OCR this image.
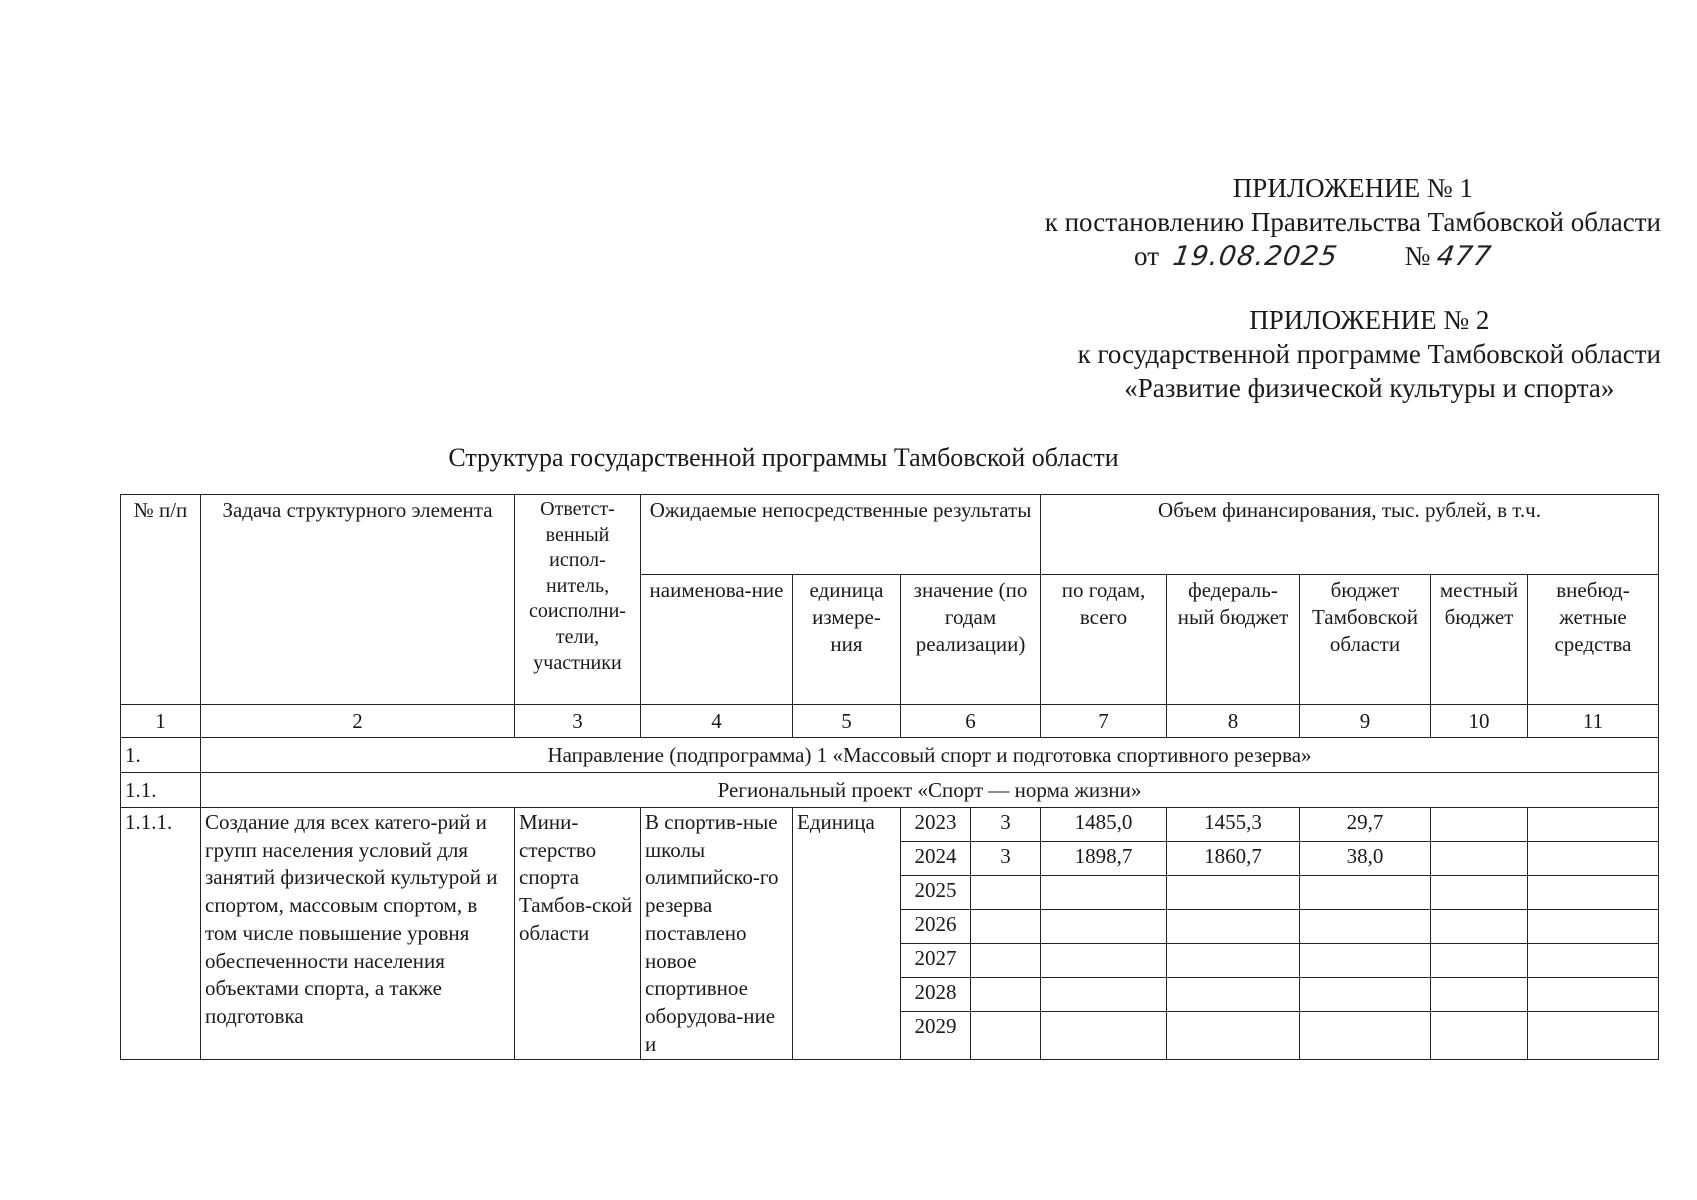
ПРИЛОЖЕНИЕ № 1
к постановлению Правительства Тамбовской области
от 19.08.2025 № 477
ПРИЛОЖЕНИЕ № 2
к государственной программе Тамбовской области
«Развитие физической культуры и спорта»
Структура государственной программы Тамбовской области
№ п/п	Задача структурного элемента	Ответст-венный испол-нитель, соисполни-тели, участники	Ожидаемые непосредственные результаты				Объем финансирования, тыс. рублей, в т.ч.				
			наименова-ние	единица измере-ния	значение (по годам реализации)		по годам, всего	федераль-ный бюджет	бюджет Тамбовской области	местный бюджет	внебюд-жетные средства
1	2	3	4	5	6		7	8	9	10	11
1.	Направление (подпрограмма) 1 «Массовый спорт и подготовка спортивного резерва»										
1.1.	Региональный проект «Спорт — норма жизни»										
1.1.1.	Создание для всех катего-рий и групп населения условий для занятий физической культурой и спортом, массовым спортом, в том числе повышение уровня обеспеченности населения объектами спорта, а также подготовка	Мини-стерство спорта Тамбов-ской области	В спортив-ные школы олимпийско-го резерва поставлено новое спортивное оборудова-ние и	Единица	2023	3	1485,0	1455,3	29,7		
					2024	3	1898,7	1860,7	38,0		
					2025						
					2026						
					2027						
					2028						
					2029						
